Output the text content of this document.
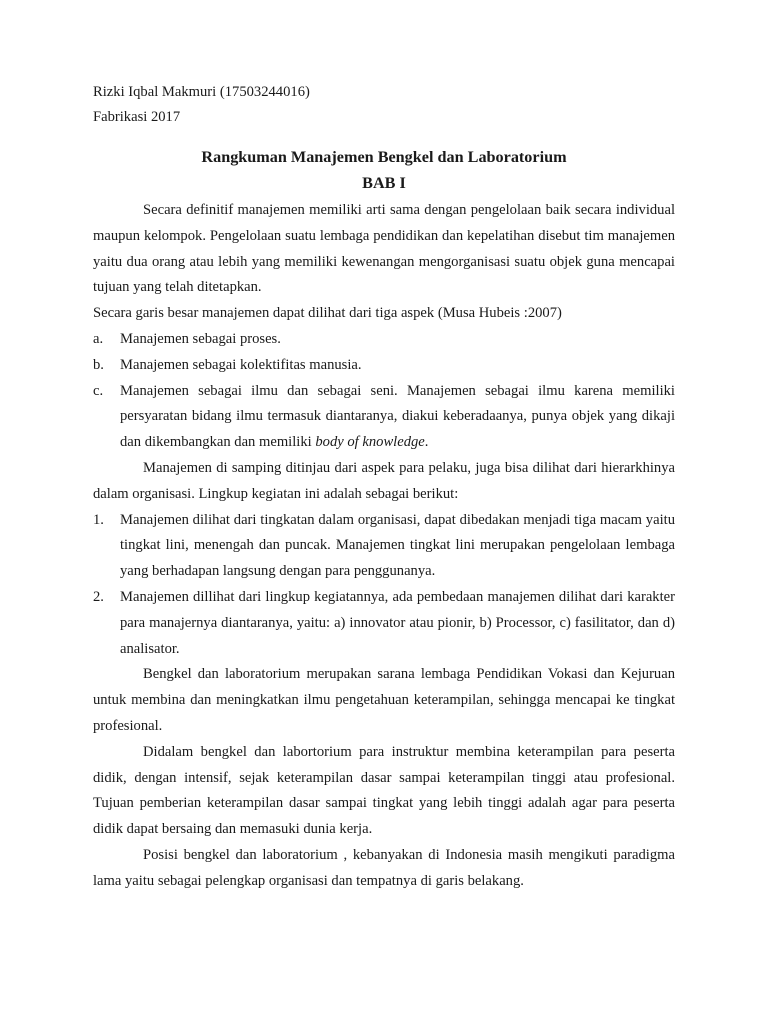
Rizki Iqbal Makmuri (17503244016)
Fabrikasi 2017
Rangkuman Manajemen Bengkel dan Laboratorium
BAB I

Secara definitif manajemen memiliki arti sama dengan pengelolaan baik secara individual maupun kelompok. Pengelolaan suatu lembaga pendidikan dan kepelatihan disebut tim manajemen yaitu dua orang atau lebih yang memiliki kewenangan mengorganisasi suatu objek guna mencapai tujuan yang telah ditetapkan.

Secara garis besar manajemen dapat dilihat dari tiga aspek (Musa Hubeis :2007)

a. Manajemen sebagai proses.
b. Manajemen sebagai kolektifitas manusia.
c. Manajemen sebagai ilmu dan sebagai seni. Manajemen sebagai ilmu karena memiliki persyaratan bidang ilmu termasuk diantaranya, diakui keberadaanya, punya objek yang dikaji dan dikembangkan dan memiliki body of knowledge.

Manajemen di samping ditinjau dari aspek para pelaku, juga bisa dilihat dari hierarkhinya dalam organisasi. Lingkup kegiatan ini adalah sebagai berikut:

1. Manajemen dilihat dari tingkatan dalam organisasi, dapat dibedakan menjadi tiga macam yaitu tingkat lini, menengah dan puncak. Manajemen tingkat lini merupakan pengelolaan lembaga yang berhadapan langsung dengan para penggunanya.
2. Manajemen dillihat dari lingkup kegiatannya, ada pembedaan manajemen dilihat dari karakter para manajernya diantaranya, yaitu: a) innovator atau pionir, b) Processor, c) fasilitator, dan d) analisator.

Bengkel dan laboratorium merupakan sarana lembaga Pendidikan Vokasi dan Kejuruan untuk membina dan meningkatkan ilmu pengetahuan keterampilan, sehingga mencapai ke tingkat profesional.

Didalam bengkel dan labortorium para instruktur membina keterampilan para peserta didik, dengan intensif, sejak keterampilan dasar sampai keterampilan tinggi atau profesional. Tujuan pemberian keterampilan dasar sampai tingkat yang lebih tinggi adalah agar para peserta didik dapat bersaing dan memasuki dunia kerja.

Posisi bengkel dan laboratorium , kebanyakan di Indonesia masih mengikuti paradigma lama yaitu sebagai pelengkap organisasi dan tempatnya di garis belakang.
